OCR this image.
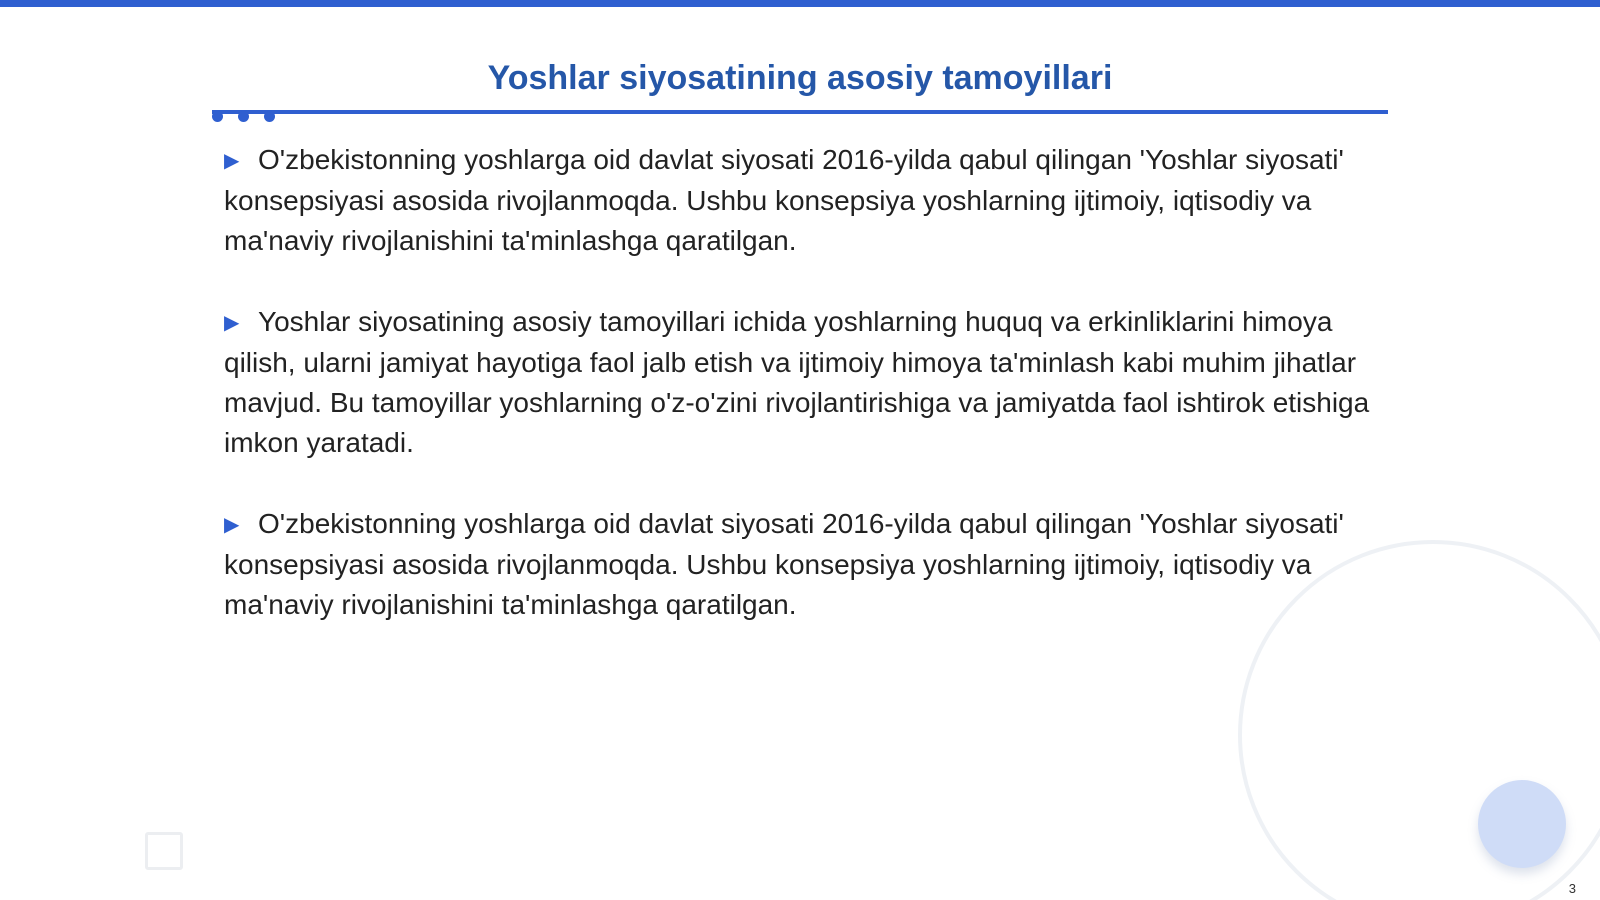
Yoshlar siyosatining asosiy tamoyillari

▶ O'zbekistonning yoshlarga oid davlat siyosati 2016-yilda qabul qilingan 'Yoshlar siyosati' konsepsiyasi asosida rivojlanmoqda. Ushbu konsepsiya yoshlarning ijtimoiy, iqtisodiy va ma'naviy rivojlanishini ta'minlashga qaratilgan.

▶ Yoshlar siyosatining asosiy tamoyillari ichida yoshlarning huquq va erkinliklarini himoya qilish, ularni jamiyat hayotiga faol jalb etish va ijtimoiy himoya ta'minlash kabi muhim jihatlar mavjud. Bu tamoyillar yoshlarning o'z-o'zini rivojlantirishiga va jamiyatda faol ishtirok etishiga imkon yaratadi.

▶ O'zbekistonning yoshlarga oid davlat siyosati 2016-yilda qabul qilingan 'Yoshlar siyosati' konsepsiyasi asosida rivojlanmoqda. Ushbu konsepsiya yoshlarning ijtimoiy, iqtisodiy va ma'naviy rivojlanishini ta'minlashga qaratilgan.

3
